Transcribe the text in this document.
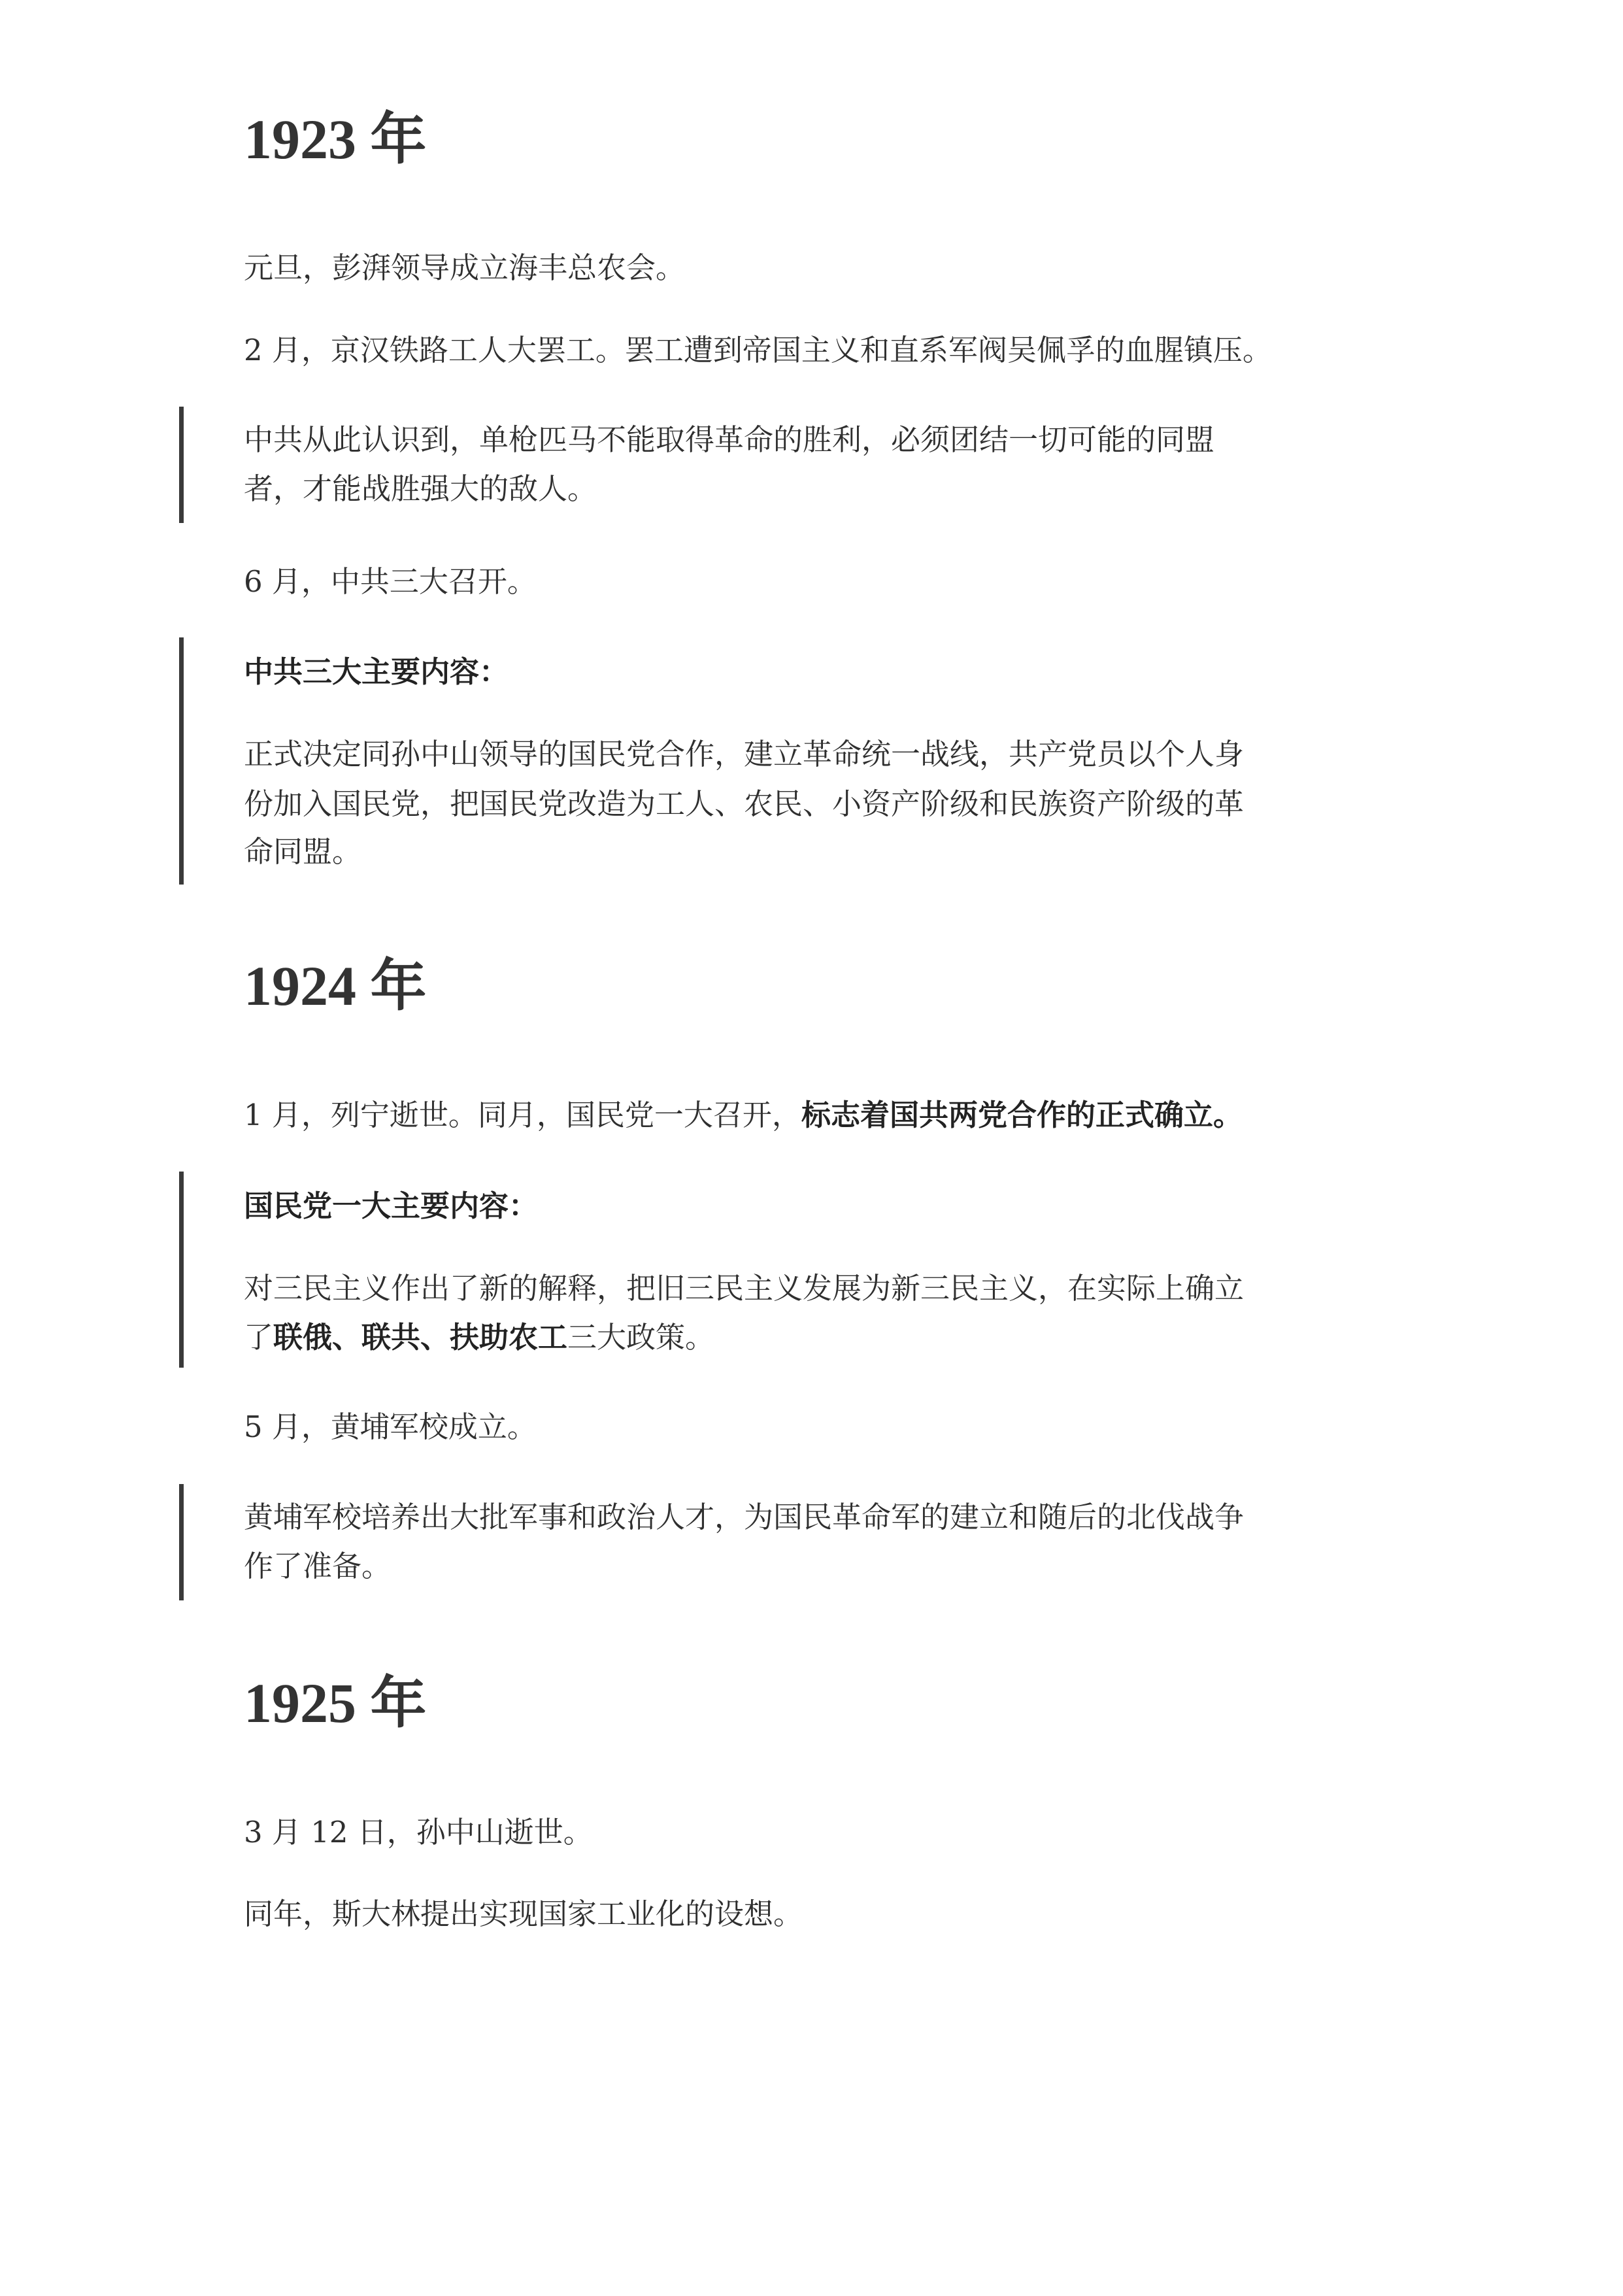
1923 年

元旦，彭湃领导成立海丰总农会。

2 月，京汉铁路工人大罢工。罢工遭到帝国主义和直系军阀吴佩孚的血腥镇压。

中共从此认识到，单枪匹马不能取得革命的胜利，必须团结一切可能的同盟

者，才能战胜强大的敌人。

6 月，中共三大召开。

中共三大主要内容：

正式决定同孙中山领导的国民党合作，建立革命统一战线，共产党员以个人身

份加入国民党，把国民党改造为工人、农民、小资产阶级和民族资产阶级的革

命同盟。

1924 年

1 月，列宁逝世。同月，国民党一大召开，标志着国共两党合作的正式确立。

国民党一大主要内容：

对三民主义作出了新的解释，把旧三民主义发展为新三民主义，在实际上确立

了联俄、联共、扶助农工三大政策。

5 月，黄埔军校成立。

黄埔军校培养出大批军事和政治人才，为国民革命军的建立和随后的北伐战争

作了准备。

1925 年

3 月 12 日，孙中山逝世。

同年，斯大林提出实现国家工业化的设想。
